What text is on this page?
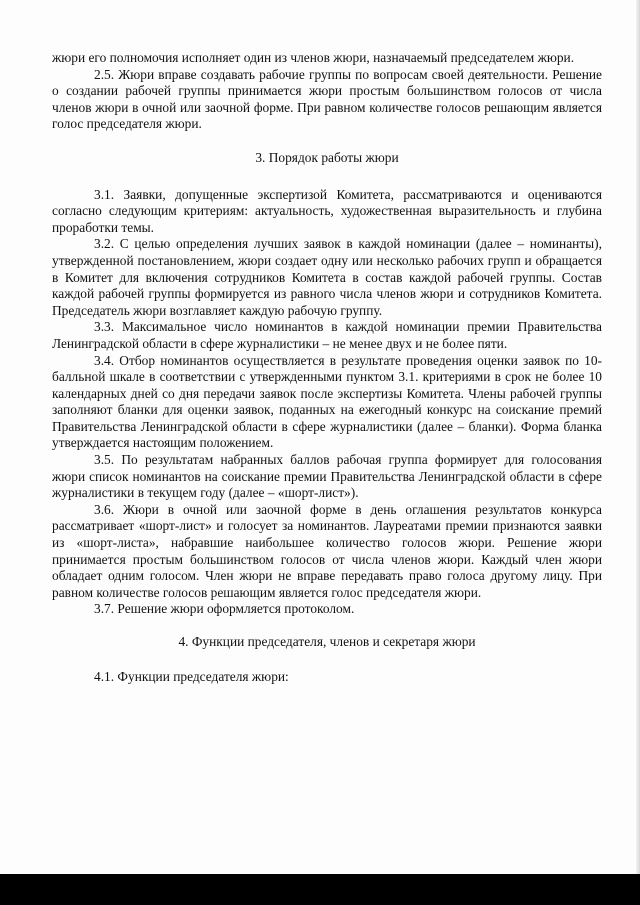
жюри его полномочия исполняет один из членов жюри, назначаемый председателем жюри.

2.5. Жюри вправе создавать рабочие группы по вопросам своей деятельности. Решение о создании рабочей группы принимается жюри простым большинством голосов от числа членов жюри в очной или заочной форме. При равном количестве голосов решающим является голос председателя жюри.

3. Порядок работы жюри

3.1. Заявки, допущенные экспертизой Комитета, рассматриваются и оцениваются согласно следующим критериям: актуальность, художественная выразительность и глубина проработки темы.

3.2. С целью определения лучших заявок в каждой номинации (далее – номинанты), утвержденной постановлением, жюри создает одну или несколько рабочих групп и обращается в Комитет для включения сотрудников Комитета в состав каждой рабочей группы. Состав каждой рабочей группы формируется из равного числа членов жюри и сотрудников Комитета. Председатель жюри возглавляет каждую рабочую группу.

3.3. Максимальное число номинантов в каждой номинации премии Правительства Ленинградской области в сфере журналистики – не менее двух и не более пяти.

3.4. Отбор номинантов осуществляется в результате проведения оценки заявок по 10-балльной шкале в соответствии с утвержденными пунктом 3.1. критериями в срок не более 10 календарных дней со дня передачи заявок после экспертизы Комитета. Члены рабочей группы заполняют бланки для оценки заявок, поданных на ежегодный конкурс на соискание премий Правительства Ленинградской области в сфере журналистики (далее – бланки). Форма бланка утверждается настоящим положением.

3.5. По результатам набранных баллов рабочая группа формирует для голосования жюри список номинантов на соискание премии Правительства Ленинградской области в сфере журналистики в текущем году (далее – «шорт-лист»).

3.6. Жюри в очной или заочной форме в день оглашения результатов конкурса рассматривает «шорт-лист» и голосует за номинантов. Лауреатами премии признаются заявки из «шорт-листа», набравшие наибольшее количество голосов жюри. Решение жюри принимается простым большинством голосов от числа членов жюри. Каждый член жюри обладает одним голосом. Член жюри не вправе передавать право голоса другому лицу. При равном количестве голосов решающим является голос председателя жюри.

3.7. Решение жюри оформляется протоколом.

4. Функции председателя, членов и секретаря жюри

4.1. Функции председателя жюри:
